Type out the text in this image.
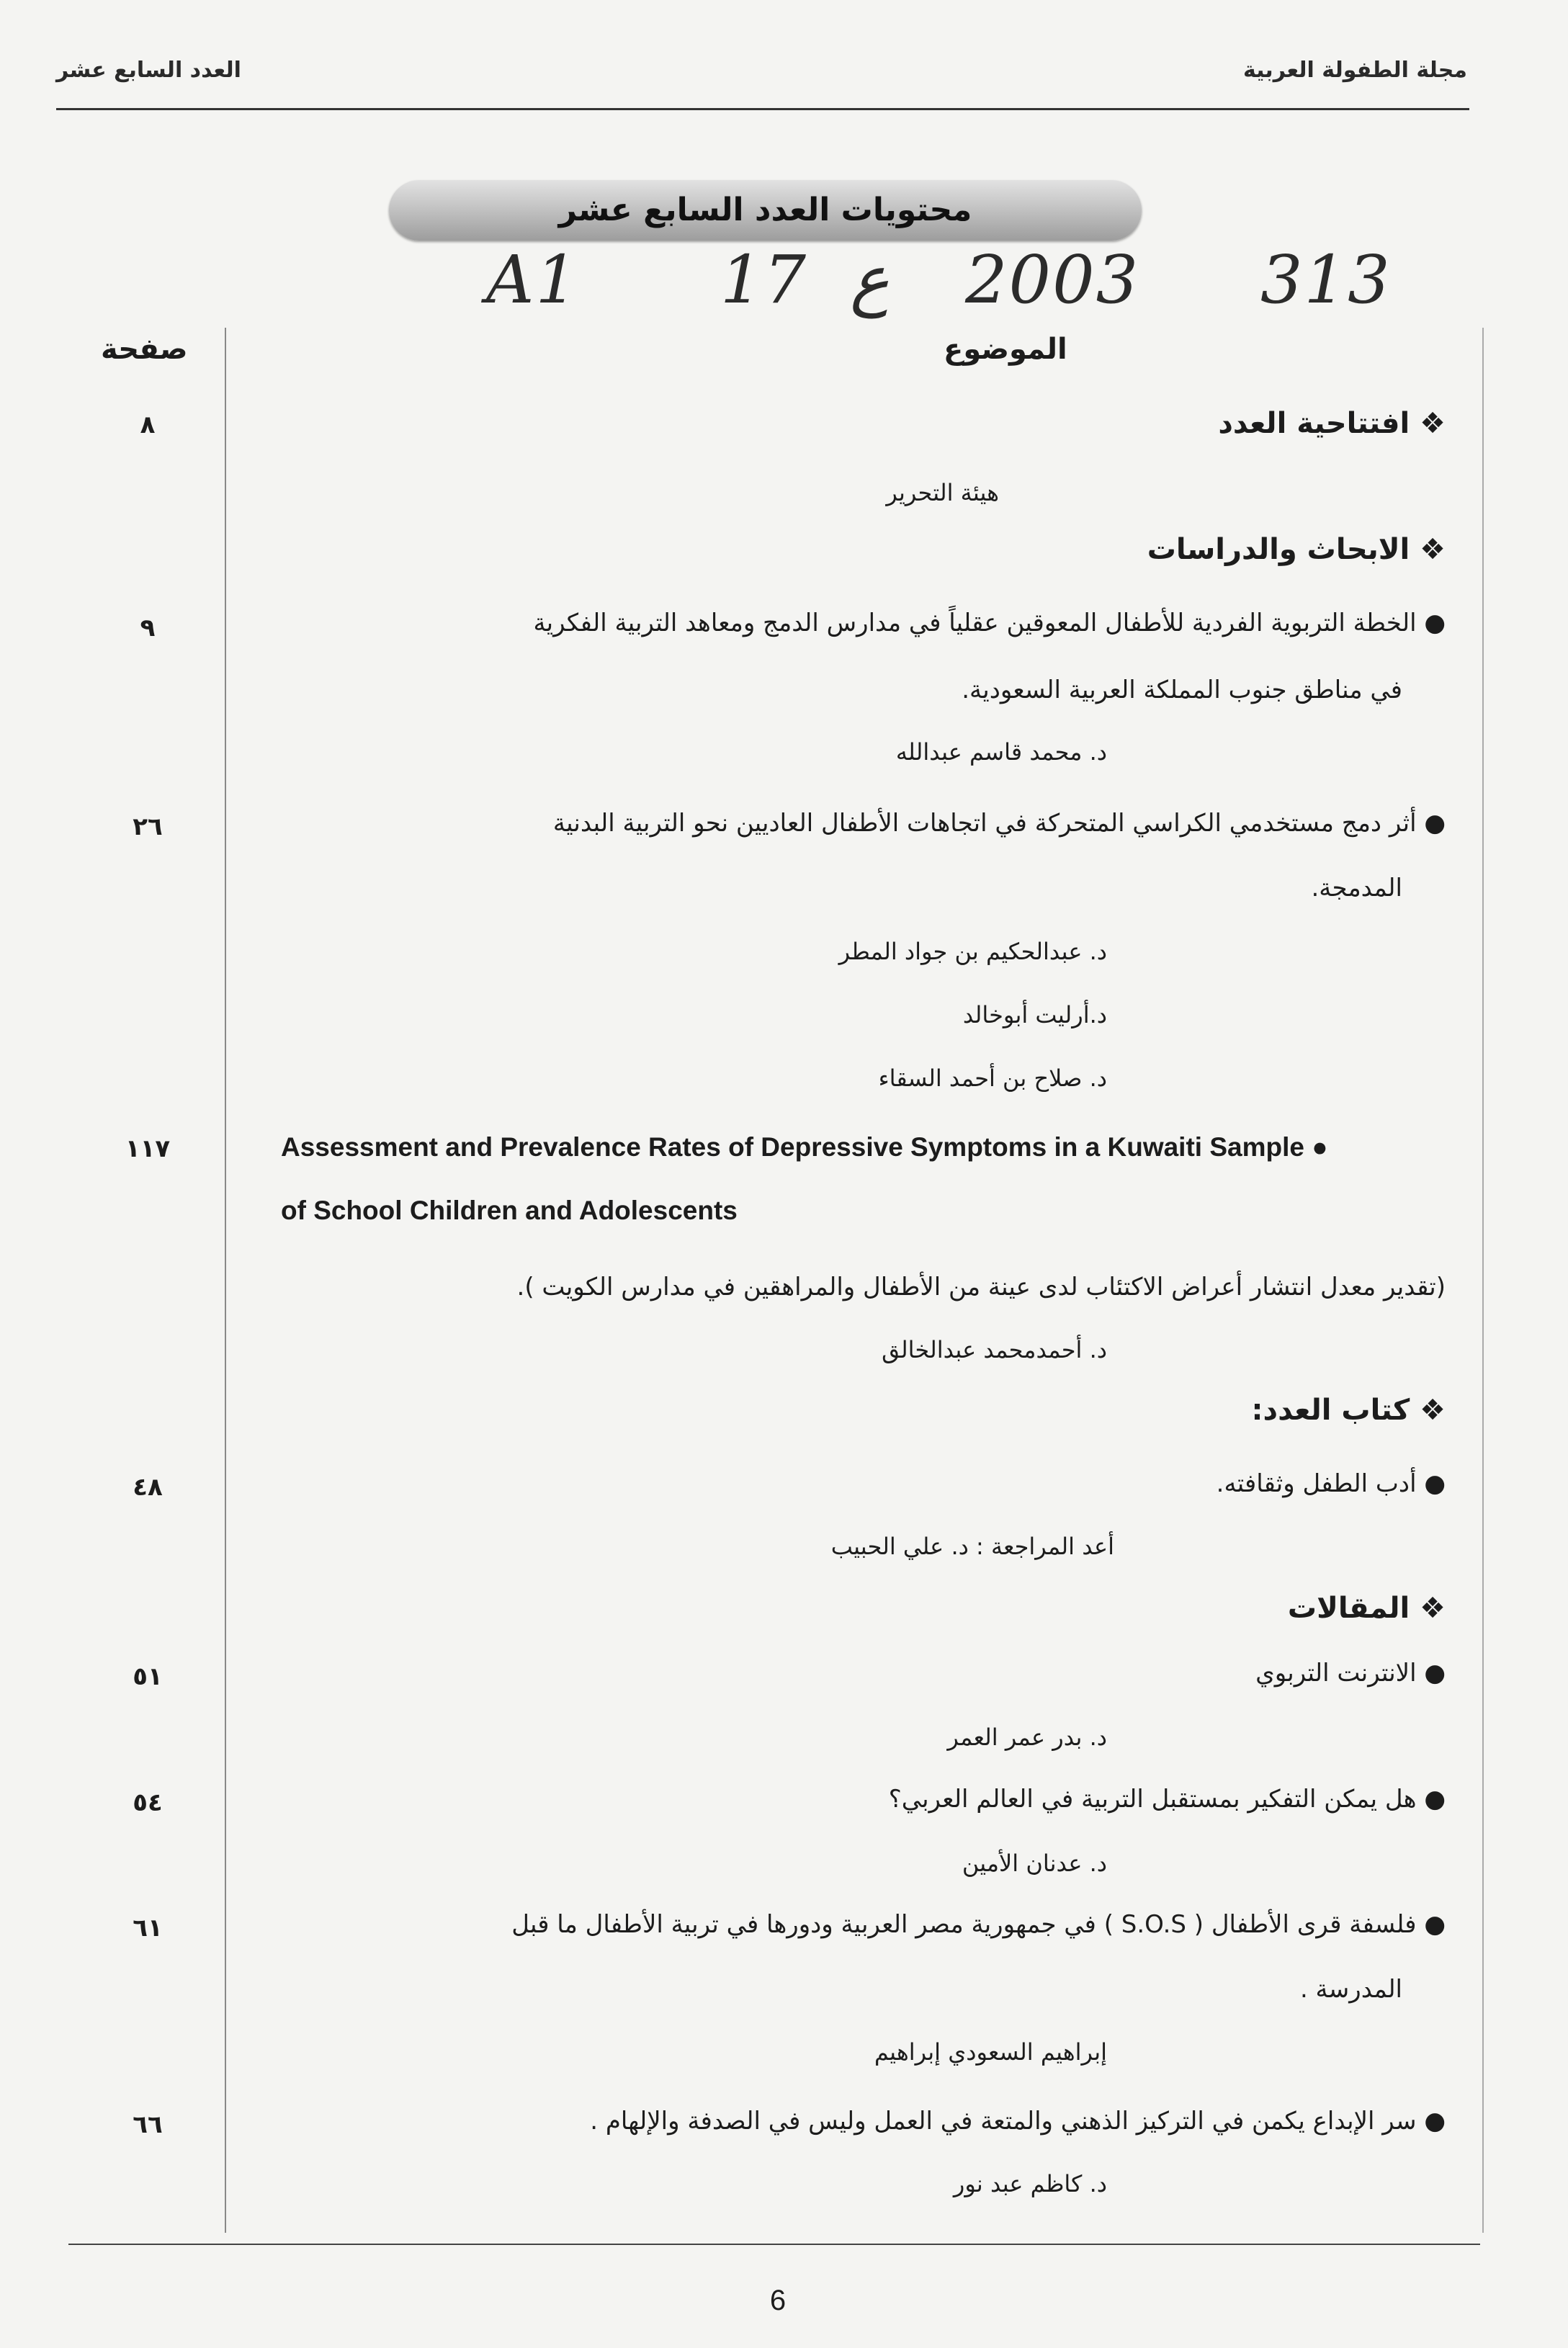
مجلة الطفولة العربية
العدد السابع عشر
محتويات العدد السابع عشر
A1 17 ع 2003 313
صفحة	الموضوع
❖ افتتاحية العدد
٨
هيئة التحرير
❖ الابحاث والدراسات
● الخطة التربوية الفردية للأطفال المعوقين عقلياً في مدارس الدمج ومعاهد التربية الفكرية
في مناطق جنوب المملكة العربية السعودية.
د. محمد قاسم عبدالله
٩
● أثر دمج مستخدمي الكراسي المتحركة في اتجاهات الأطفال العاديين نحو التربية البدنية
المدمجة.
د. عبدالحكيم بن جواد المطر
د.أرليت أبوخالد
د. صلاح بن أحمد السقاء
٢٦
Assessment and Prevalence Rates of Depressive Symptoms in a Kuwaiti Sample ●
of School Children and Adolescents
(تقدير معدل انتشار أعراض الاكتئاب لدى عينة من الأطفال والمراهقين في مدارس الكويت ).
د. أحمدمحمد عبدالخالق
١١٧
❖ كتاب العدد:
● أدب الطفل وثقافته.
أعد المراجعة : د. علي الحبيب
٤٨
❖ المقالات
● الانترنت التربوي
د. بدر عمر العمر
٥١
● هل يمكن التفكير بمستقبل التربية في العالم العربي؟
د. عدنان الأمين
٥٤
● فلسفة قرى الأطفال ( S.O.S ) في جمهورية مصر العربية ودورها في تربية الأطفال ما قبل
المدرسة .
إبراهيم السعودي إبراهيم
٦١
● سر الإبداع يكمن في التركيز الذهني والمتعة في العمل وليس في الصدفة والإلهام .
د. كاظم عبد نور
٦٦
6
